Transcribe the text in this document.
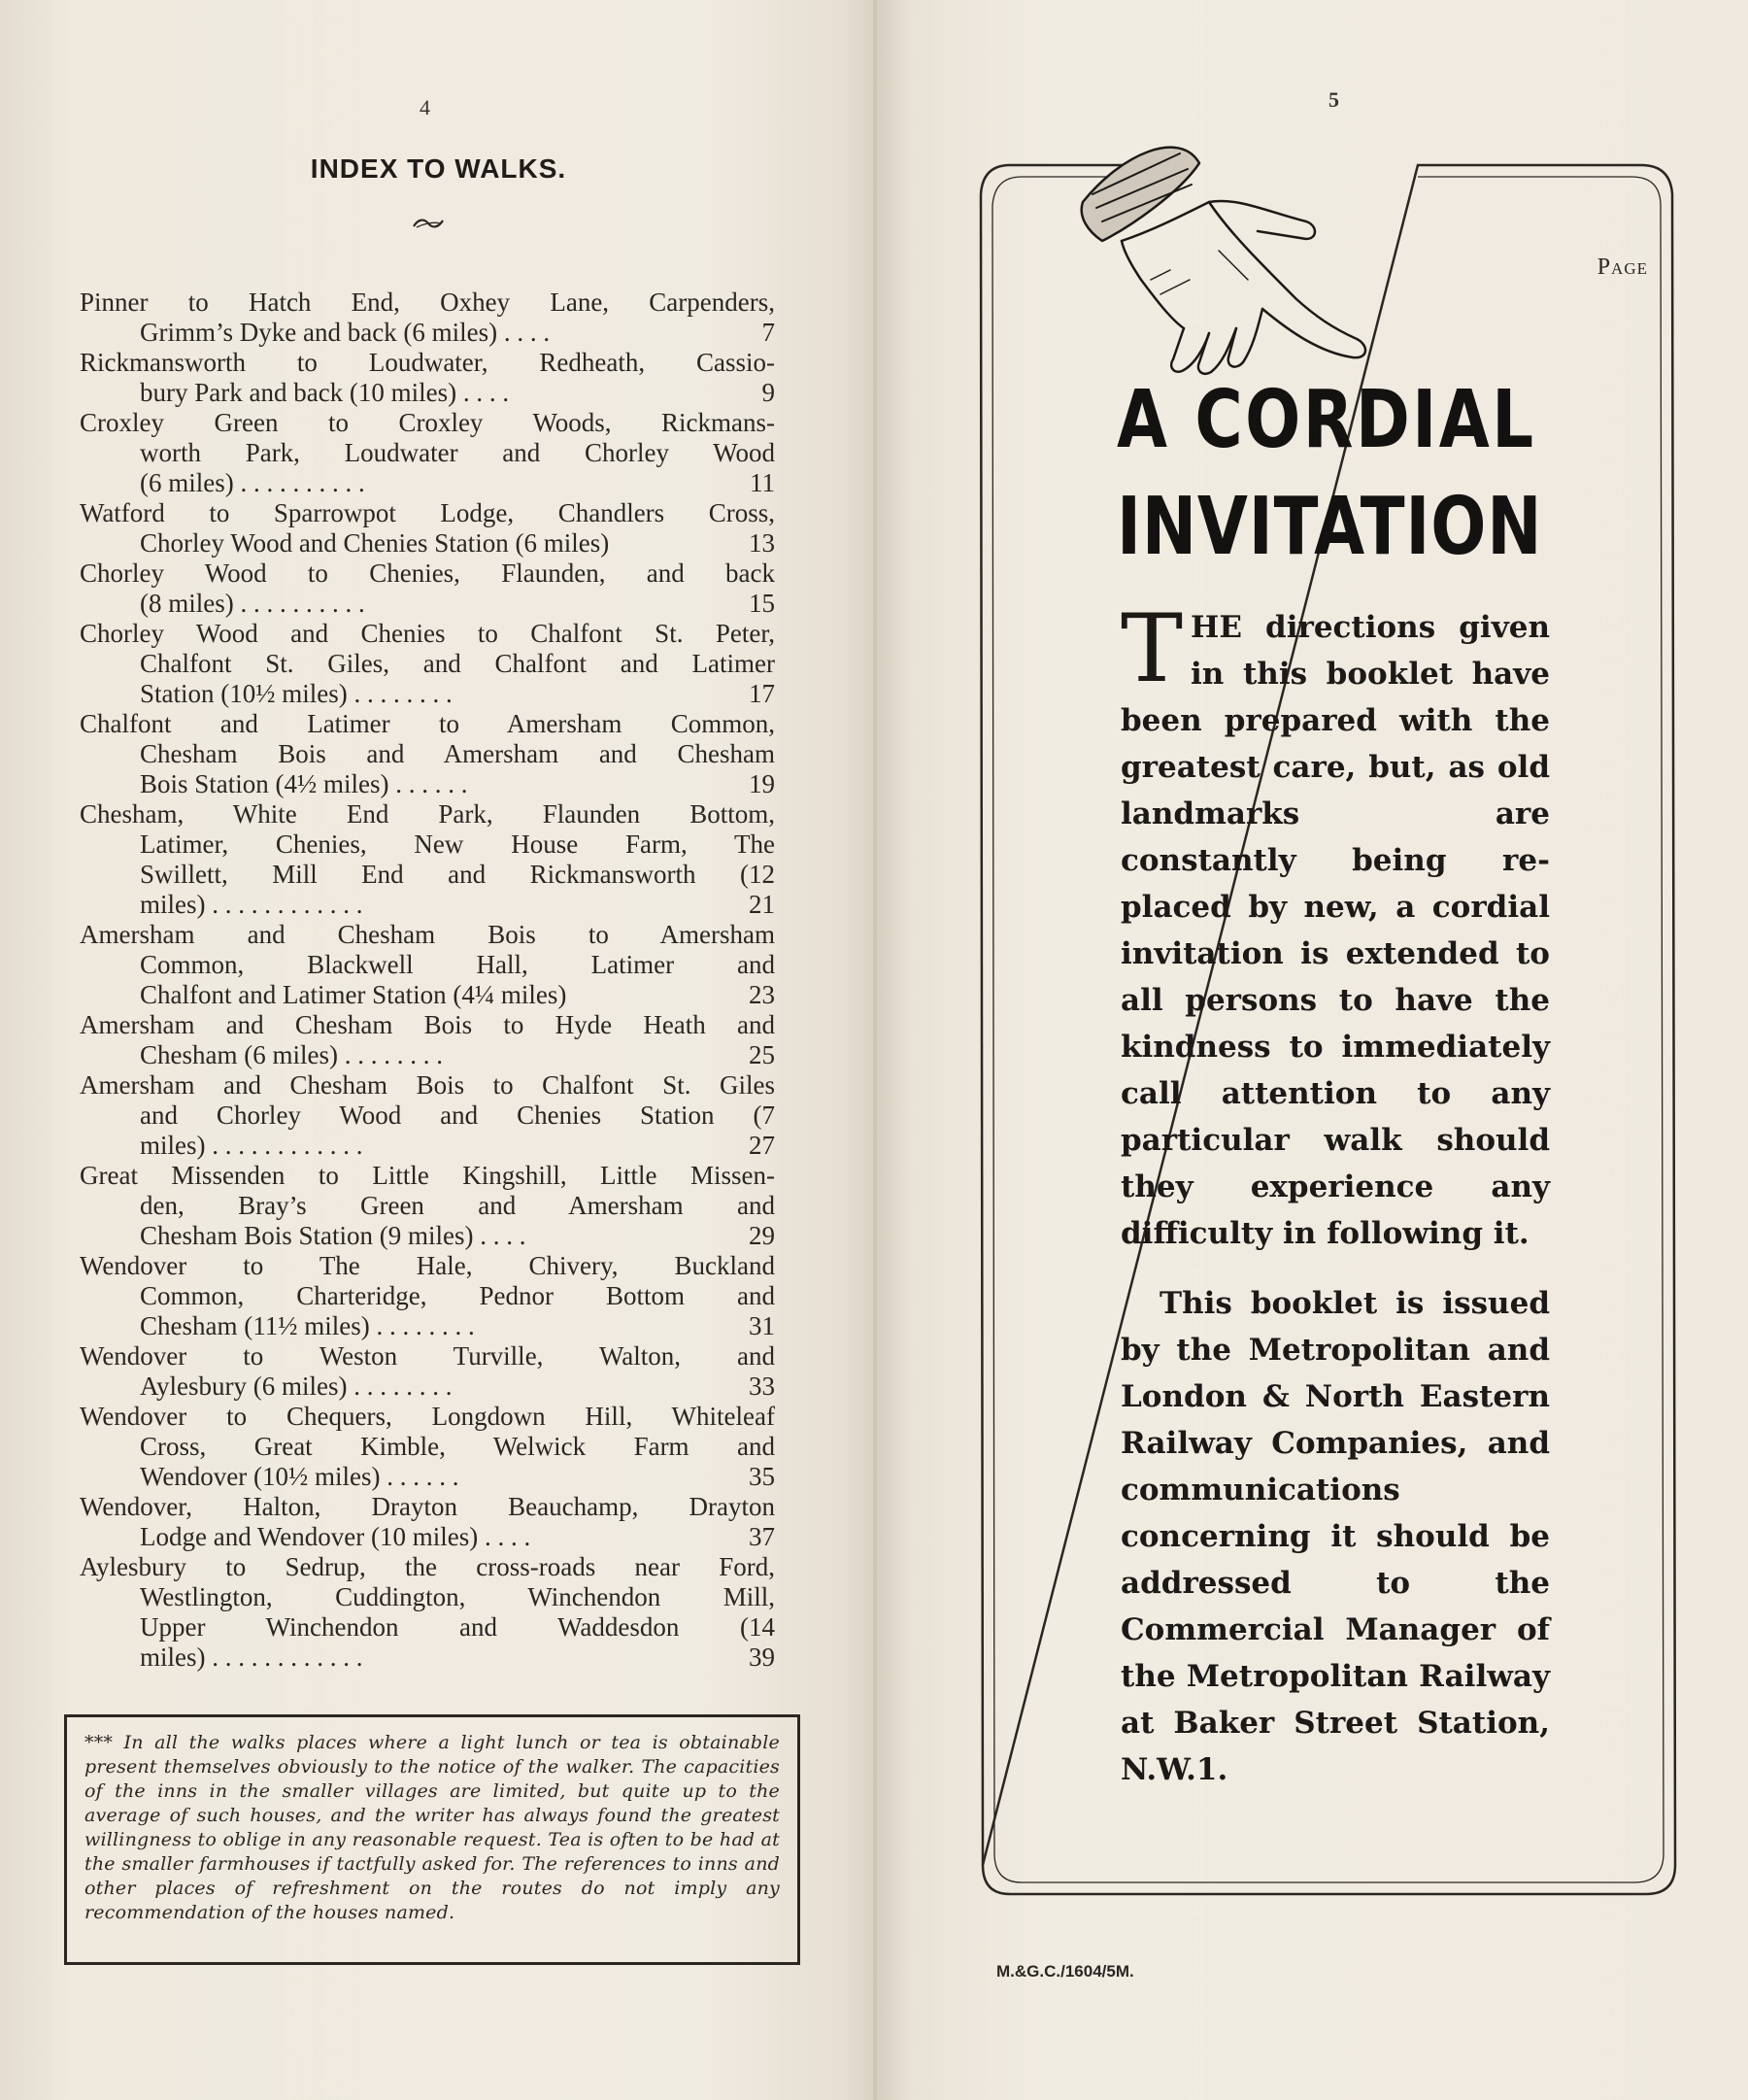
4
INDEX TO WALKS.
Page
Pinner to Hatch End, Oxhey Lane, Carpenders,
Grimm’s Dyke and back (6 miles) . . . .	7
Rickmansworth to Loudwater, Redheath, Cassio-
bury Park and back (10 miles) . . . .	9
Croxley Green to Croxley Woods, Rickmans-
worth Park, Loudwater and Chorley Wood
(6 miles) . . . . . . . . . .	11
Watford to Sparrowpot Lodge, Chandlers Cross,
Chorley Wood and Chenies Station (6 miles)	13
Chorley Wood to Chenies, Flaunden, and back
(8 miles) . . . . . . . . . .	15
Chorley Wood and Chenies to Chalfont St. Peter,
Chalfont St. Giles, and Chalfont and Latimer
Station (10½ miles) . . . . . . . .	17
Chalfont and Latimer to Amersham Common,
Chesham Bois and Amersham and Chesham
Bois Station (4½ miles) . . . . . .	19
Chesham, White End Park, Flaunden Bottom,
Latimer, Chenies, New House Farm, The
Swillett, Mill End and Rickmansworth (12
miles) . . . . . . . . . . . .	21
Amersham and Chesham Bois to Amersham
Common, Blackwell Hall, Latimer and
Chalfont and Latimer Station (4¼ miles)	23
Amersham and Chesham Bois to Hyde Heath and
Chesham (6 miles) . . . . . . . .	25
Amersham and Chesham Bois to Chalfont St. Giles
and Chorley Wood and Chenies Station (7
miles) . . . . . . . . . . . .	27
Great Missenden to Little Kingshill, Little Missen-
den, Bray’s Green and Amersham and
Chesham Bois Station (9 miles) . . . .	29
Wendover to The Hale, Chivery, Buckland
Common, Charteridge, Pednor Bottom and
Chesham (11½ miles) . . . . . . . .	31
Wendover to Weston Turville, Walton, and
Aylesbury (6 miles) . . . . . . . .	33
Wendover to Chequers, Longdown Hill, Whiteleaf
Cross, Great Kimble, Welwick Farm and
Wendover (10½ miles) . . . . . .	35
Wendover, Halton, Drayton Beauchamp, Drayton
Lodge and Wendover (10 miles) . . . .	37
Aylesbury to Sedrup, the cross-roads near Ford,
Westlington, Cuddington, Winchendon Mill,
Upper Winchendon and Waddesdon (14
miles) . . . . . . . . . . . .	39
*** In all the walks places where a light lunch or tea is obtainable present themselves obviously to the notice of the walker. The capacities of the inns in the smaller villages are limited, but quite up to the average of such houses, and the writer has always found the greatest willingness to oblige in any reasonable request. Tea is often to be had at the smaller farmhouses if tactfully asked for. The references to inns and other places of refreshment on the routes do not imply any recommendation of the houses named.
5
A CORDIAL
INVITATION
THE directions given in this booklet have been prepared with the greatest care, but, as old landmarks are constantly being replaced by new, a cordial invitation is extended to all persons to have the kindness to immediately call attention to any particular walk should they experience any difficulty in following it.
This booklet is issued by the Metropolitan and London & North Eastern Railway Companies, and communications concerning it should be addressed to the Commercial Manager of the Metropolitan Railway at Baker Street Station, N.W.1.
M.&G.C./1604/5M.
